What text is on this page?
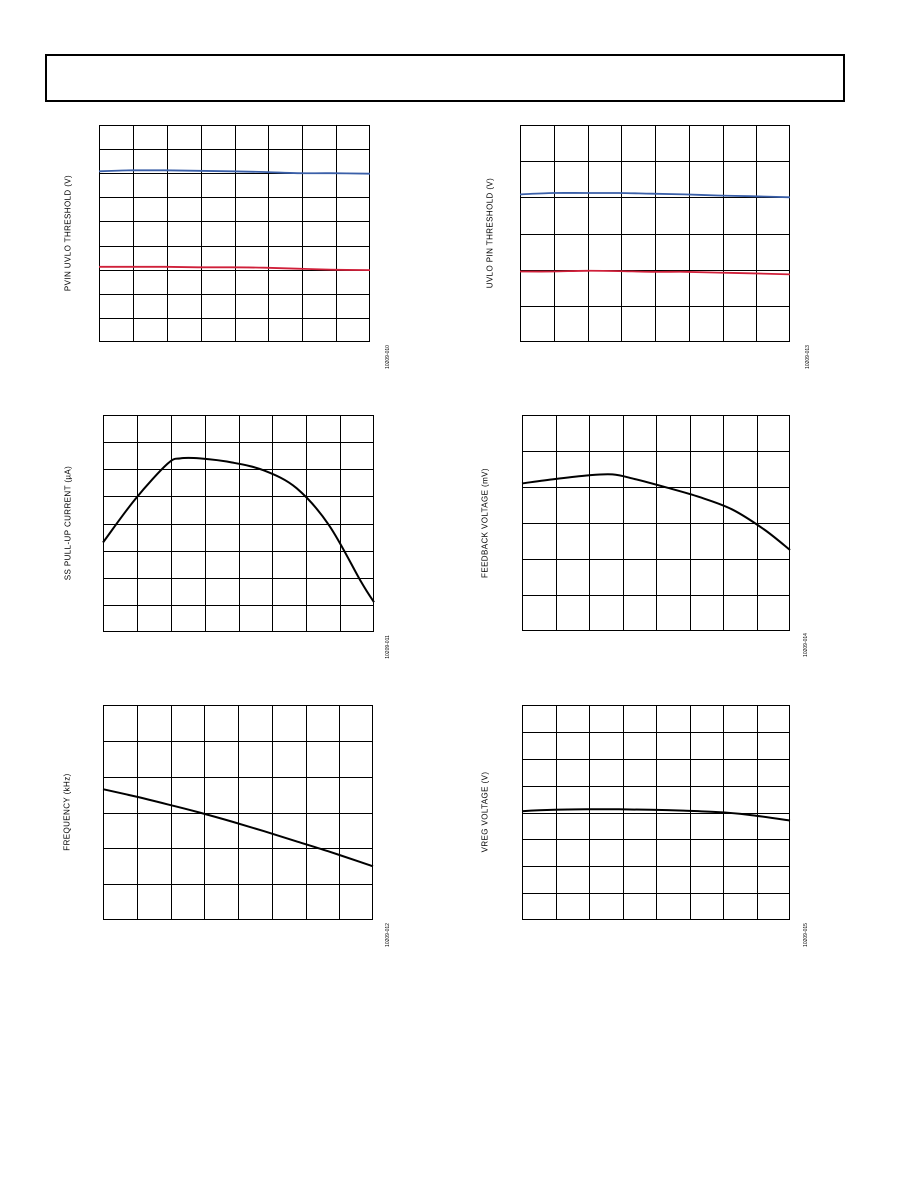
PVIN UVLO THRESHOLD (V)
10209-010
UVLO PIN THRESHOLD (V)
10209-013
SS PULL-UP CURRENT (µA)
10209-011
FEEDBACK VOLTAGE (mV)
10209-014
FREQUENCY (kHz)
10209-012
VREG VOLTAGE (V)
10209-015
